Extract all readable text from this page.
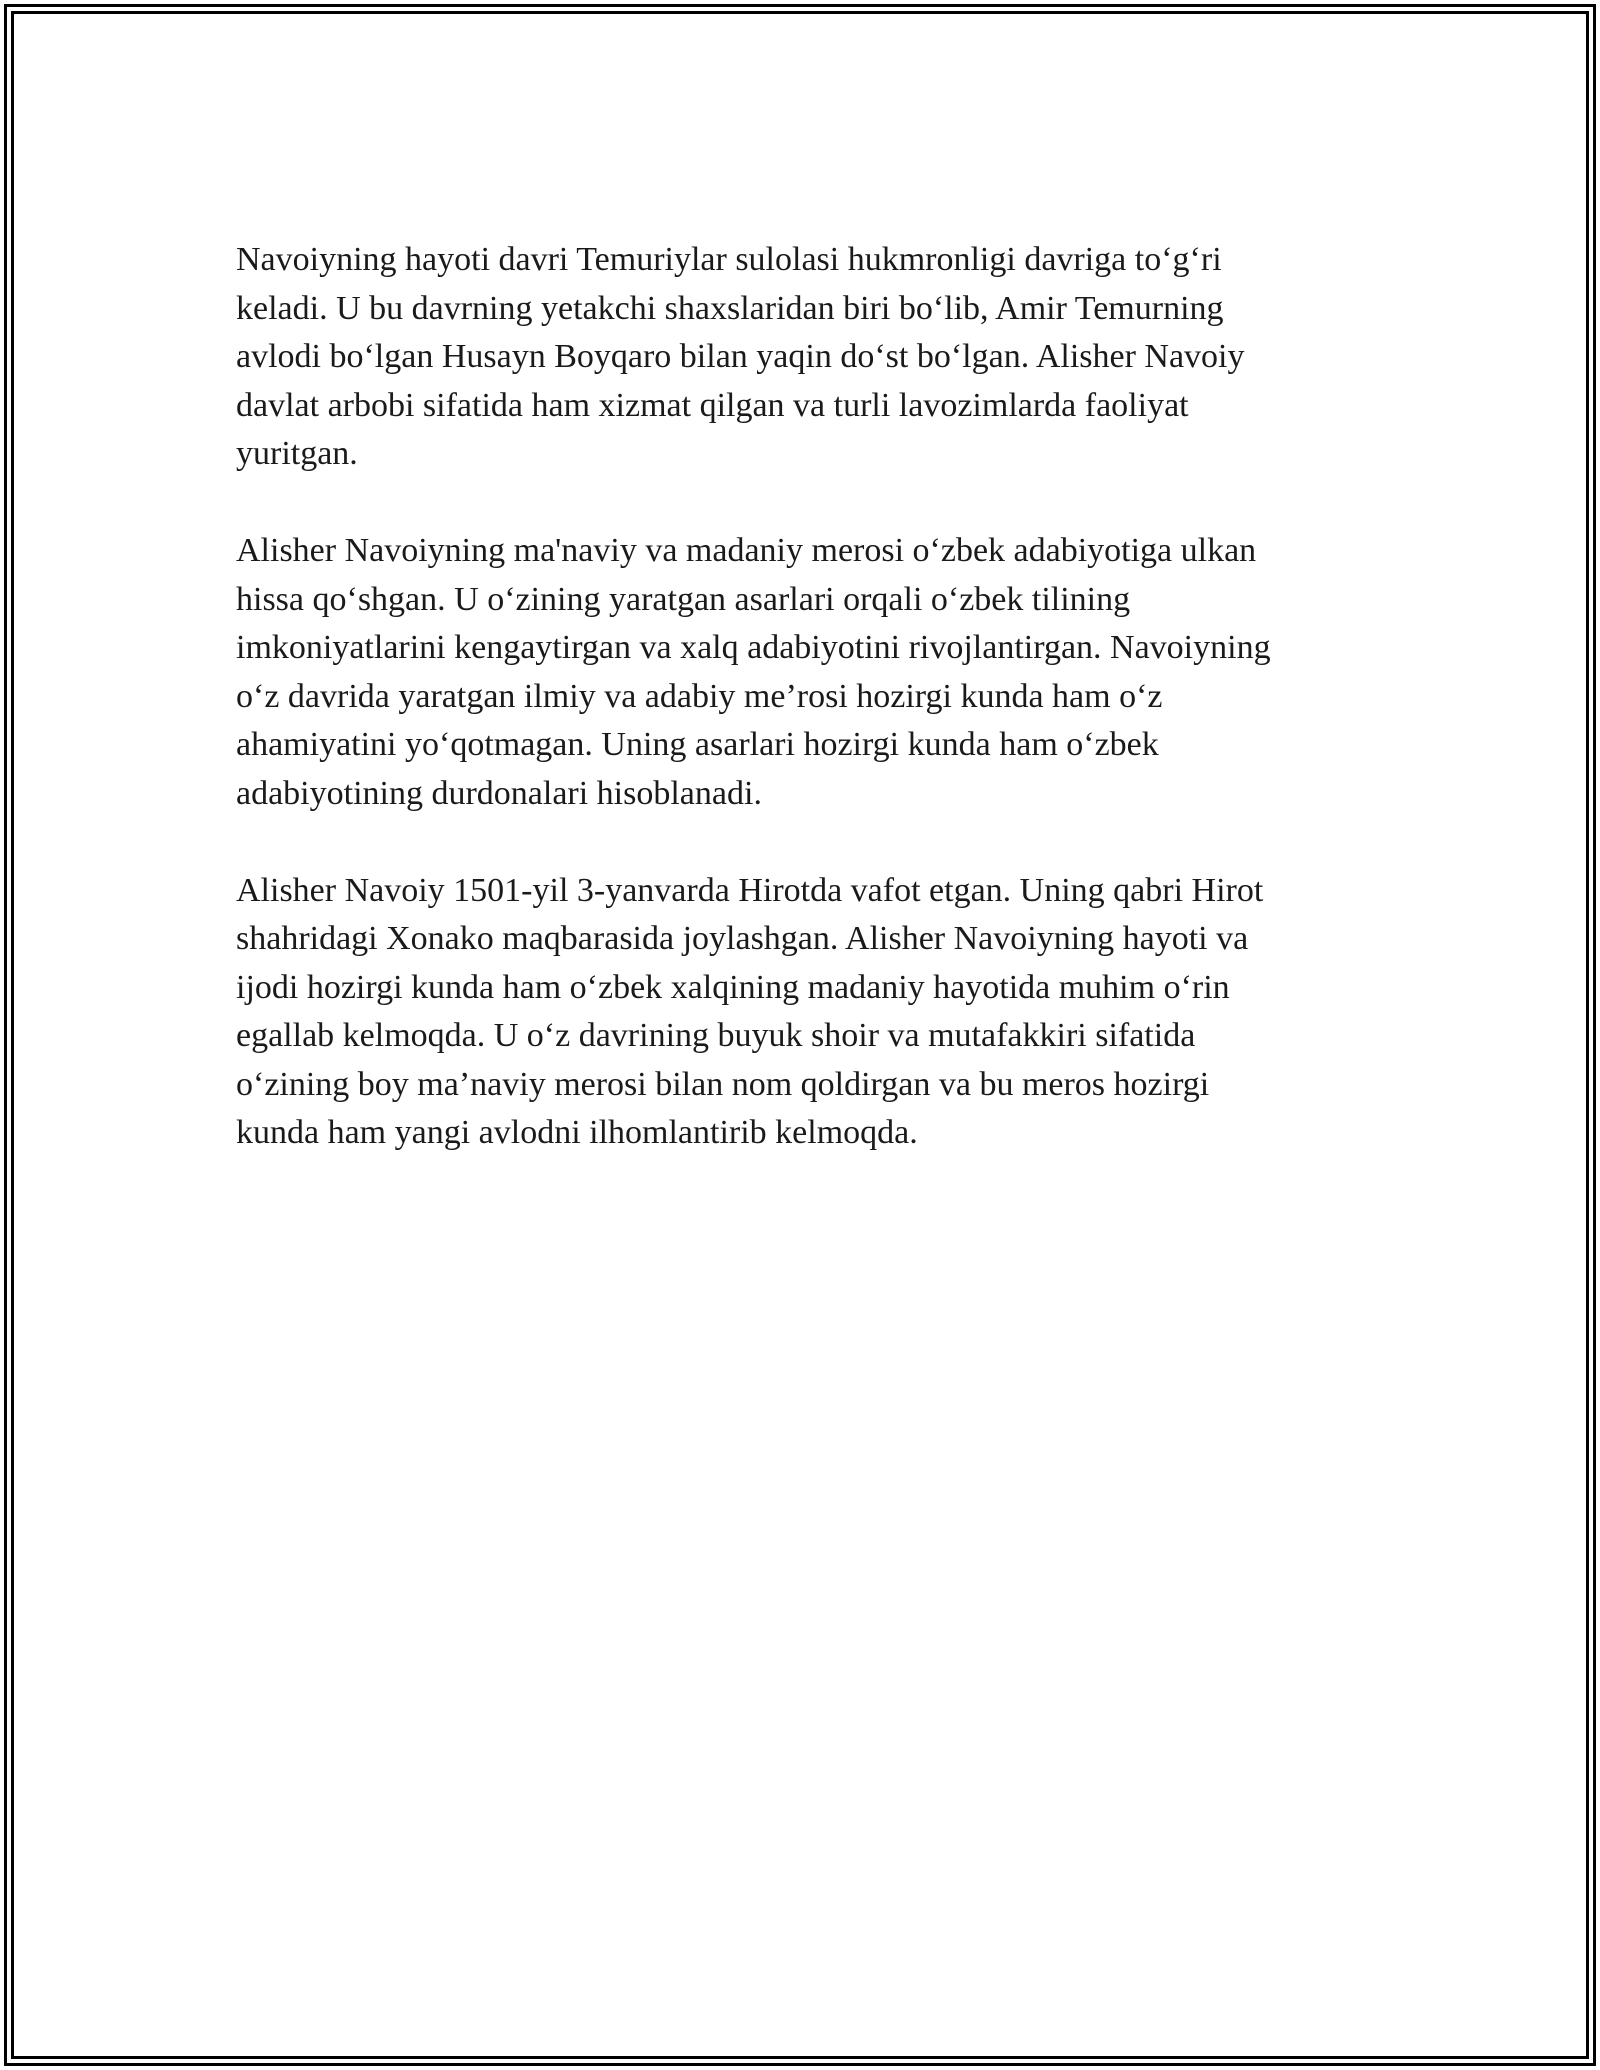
Navoiyning hayoti davri Temuriylar sulolasi hukmronligi davriga to‘g‘ri
keladi. U bu davrning yetakchi shaxslaridan biri bo‘lib, Amir Temurning
avlodi bo‘lgan Husayn Boyqaro bilan yaqin do‘st bo‘lgan. Alisher Navoiy
davlat arbobi sifatida ham xizmat qilgan va turli lavozimlarda faoliyat
yuritgan.

Alisher Navoiyning ma'naviy va madaniy merosi o‘zbek adabiyotiga ulkan
hissa qo‘shgan. U o‘zining yaratgan asarlari orqali o‘zbek tilining
imkoniyatlarini kengaytirgan va xalq adabiyotini rivojlantirgan. Navoiyning
o‘z davrida yaratgan ilmiy va adabiy me’rosi hozirgi kunda ham o‘z
ahamiyatini yo‘qotmagan. Uning asarlari hozirgi kunda ham o‘zbek
adabiyotining durdonalari hisoblanadi.

Alisher Navoiy 1501-yil 3-yanvarda Hirotda vafot etgan. Uning qabri Hirot
shahridagi Xonako maqbarasida joylashgan. Alisher Navoiyning hayoti va
ijodi hozirgi kunda ham o‘zbek xalqining madaniy hayotida muhim o‘rin
egallab kelmoqda. U o‘z davrining buyuk shoir va mutafakkiri sifatida
o‘zining boy ma’naviy merosi bilan nom qoldirgan va bu meros hozirgi
kunda ham yangi avlodni ilhomlantirib kelmoqda.
